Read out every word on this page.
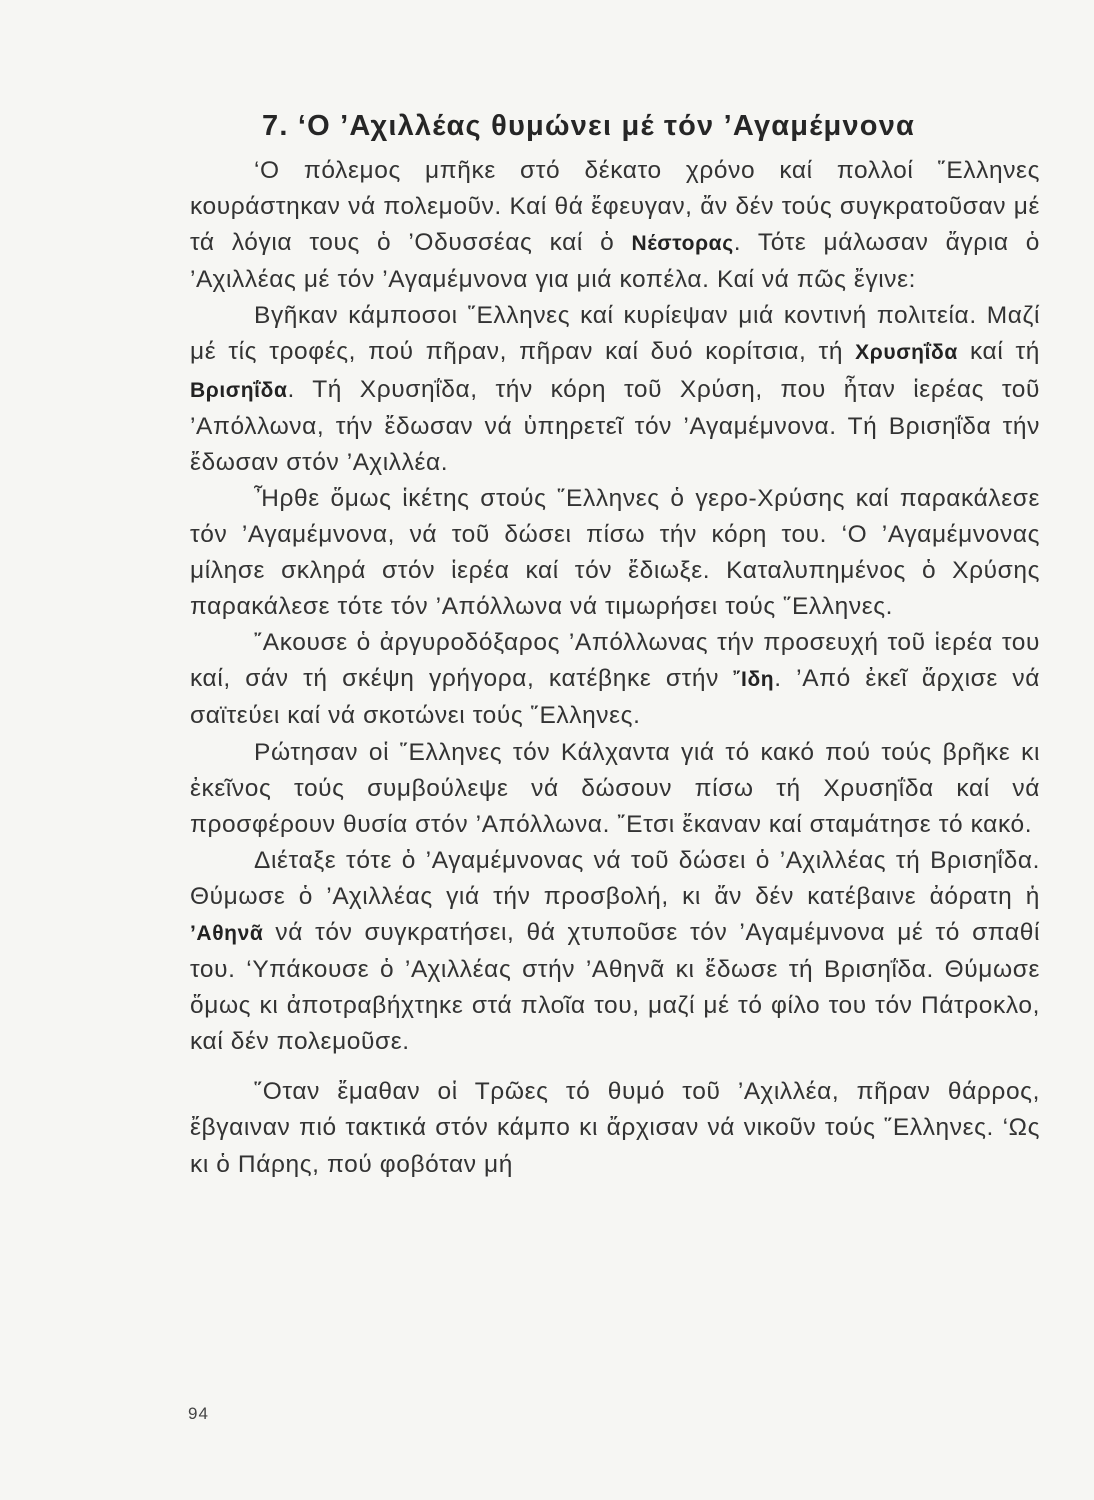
7. ‘Ο ’Αχιλλέας θυμώνει μέ τόν ’Αγαμέμνονα

‘Ο πόλεμος μπῆκε στό δέκατο χρόνο καί πολλοί ῞Ελληνες κουράστηκαν νά πολεμοῦν. Καί θά ἔφευγαν, ἄν δέν τούς συγκρατοῦσαν μέ τά λόγια τους ὁ ’Οδυσσέας καί ὁ Νέστορας. Τότε μάλωσαν ἄγρια ὁ ’Αχιλλέας μέ τόν ’Αγαμέμνονα για μιά κοπέλα. Καί νά πῶς ἔγινε:

Βγῆκαν κάμποσοι ῞Ελληνες καί κυρίεψαν μιά κοντινή πολιτεία. Μαζί μέ τίς τροφές, πού πῆραν, πῆραν καί δυό κορίτσια, τή Χρυσηΐδα καί τή Βρισηΐδα. Τή Χρυσηΐδα, τήν κόρη τοῦ Χρύση, που ἦταν ἱερέας τοῦ ’Απόλλωνα, τήν ἔδωσαν νά ὑπηρετεῖ τόν ’Αγαμέμνονα. Τή Βρισηΐδα τήν ἔδωσαν στόν ’Αχιλλέα.

Ἦρθε ὅμως ἱκέτης στούς ῞Ελληνες ὁ γερο-Χρύσης καί παρακάλεσε τόν ’Αγαμέμνονα, νά τοῦ δώσει πίσω τήν κόρη του. ‘Ο ’Αγαμέμνονας μίλησε σκληρά στόν ἱερέα καί τόν ἔδιωξε. Καταλυπημένος ὁ Χρύσης παρακάλεσε τότε τόν ’Απόλλωνα νά τιμωρήσει τούς ῞Ελληνες.

῎Ακουσε ὁ ἀργυροδόξαρος ’Απόλλωνας τήν προσευχή τοῦ ἱερέα του καί, σάν τή σκέψη γρήγορα, κατέβηκε στήν ῎Ιδη. ’Από ἐκεῖ ἄρχισε νά σαϊτεύει καί νά σκοτώνει τούς ῞Ελληνες.

Ρώτησαν οἱ ῞Ελληνες τόν Κάλχαντα γιά τό κακό πού τούς βρῆκε κι ἐκεῖνος τούς συμβούλεψε νά δώσουν πίσω τή Χρυσηΐδα καί νά προσφέρουν θυσία στόν ’Απόλλωνα. ῎Ετσι ἔκαναν καί σταμάτησε τό κακό.

Διέταξε τότε ὁ ’Αγαμέμνονας νά τοῦ δώσει ὁ ’Αχιλλέας τή Βρισηΐδα. Θύμωσε ὁ ’Αχιλλέας γιά τήν προσβολή, κι ἄν δέν κατέβαινε ἀόρατη ἡ ’Αθηνᾶ νά τόν συγκρατήσει, θά χτυποῦσε τόν ’Αγαμέμνονα μέ τό σπαθί του. ‘Υπάκουσε ὁ ’Αχιλλέας στήν ’Αθηνᾶ κι ἔδωσε τή Βρισηΐδα. Θύμωσε ὅμως κι ἀποτραβήχτηκε στά πλοῖα του, μαζί μέ τό φίλο του τόν Πάτροκλο, καί δέν πολεμοῦσε.

῞Οταν ἔμαθαν οἱ Τρῶες τό θυμό τοῦ ’Αχιλλέα, πῆραν θάρρος, ἔβγαιναν πιό τακτικά στόν κάμπο κι ἄρχισαν νά νικοῦν τούς ῞Ελληνες. ‘Ως κι ὁ Πάρης, πού φοβόταν μή

94
